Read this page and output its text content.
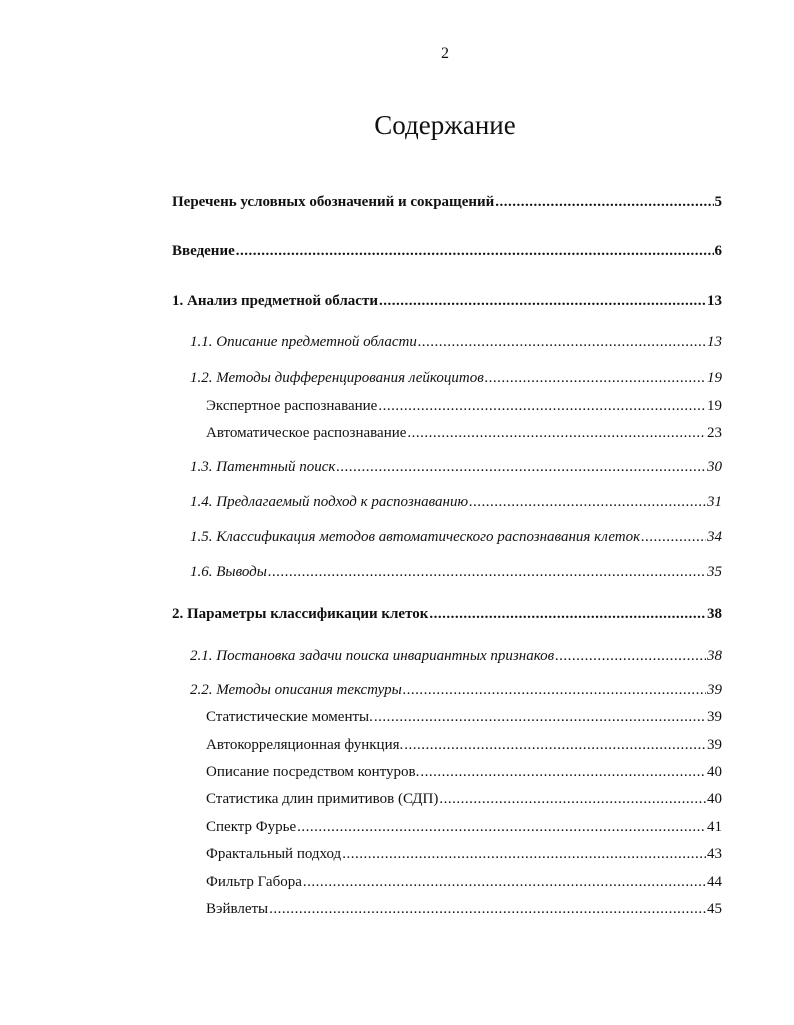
2
Содержание
Перечень условных обозначений и сокращений .....	5
Введение .....	6
1. Анализ предметной области .....	13
1.1. Описание предметной области .....	13
1.2. Методы дифференцирования лейкоцитов .....	19
Экспертное распознавание .....	19
Автоматическое распознавание .....	23
1.3. Патентный поиск .....	30
1.4. Предлагаемый подход к распознаванию .....	31
1.5. Классификация методов автоматического распознавания клеток .....	34
1.6. Выводы .....	35
2. Параметры классификации клеток .....	38
2.1. Постановка задачи поиска инвариантных признаков .....	38
2.2. Методы описания текстуры .....	39
Статистические моменты. .....	39
Автокорреляционная функция. .....	39
Описание посредством контуров. .....	40
Статистика длин примитивов (СДП) .....	40
Спектр Фурье .....	41
Фрактальный подход .....	43
Фильтр Габора .....	44
Вэйвлеты .....	45
